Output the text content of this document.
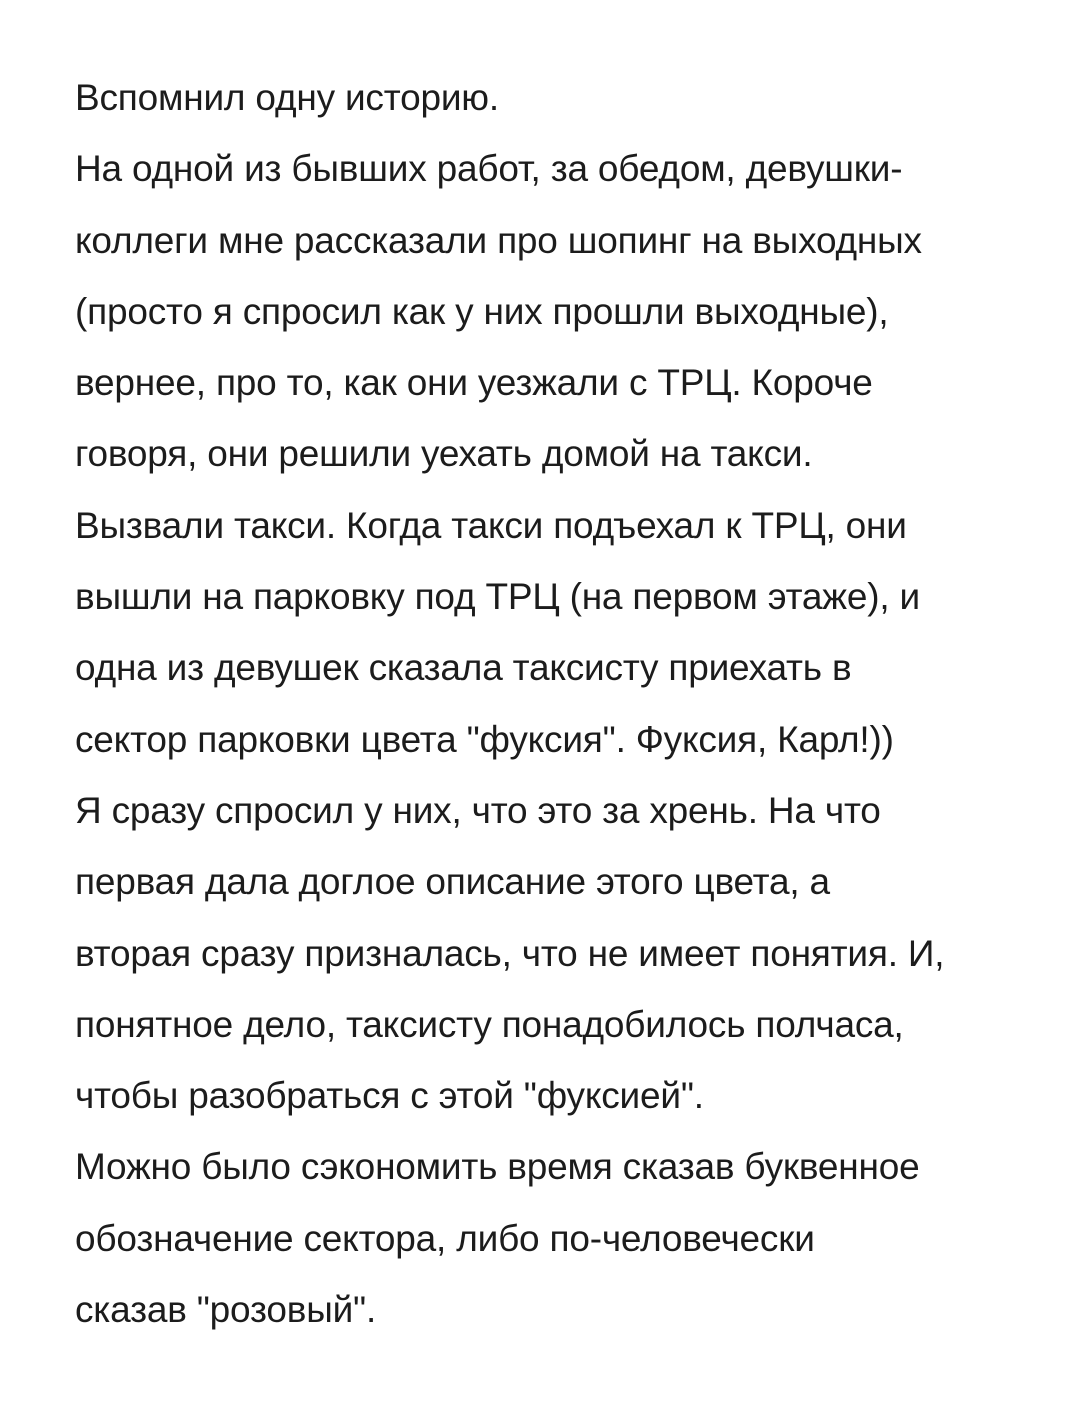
Вспомнил одну историю.
На одной из бывших работ, за обедом, девушки-
коллеги мне рассказали про шопинг на выходных
(просто я спросил как у них прошли выходные),
вернее, про то, как они уезжали с ТРЦ. Короче
говоря, они решили уехать домой на такси.
Вызвали такси. Когда такси подъехал к ТРЦ, они
вышли на парковку под ТРЦ (на первом этаже), и
одна из девушек сказала таксисту приехать в
сектор парковки цвета "фуксия". Фуксия, Карл!))
Я сразу спросил у них, что это за хрень. На что
первая дала доглое описание этого цвета, а
вторая сразу призналась, что не имеет понятия. И,
понятное дело, таксисту понадобилось полчаса,
чтобы разобраться с этой "фуксией".
Можно было сэкономить время сказав буквенное
обозначение сектора, либо по-человечески
сказав "розовый".
